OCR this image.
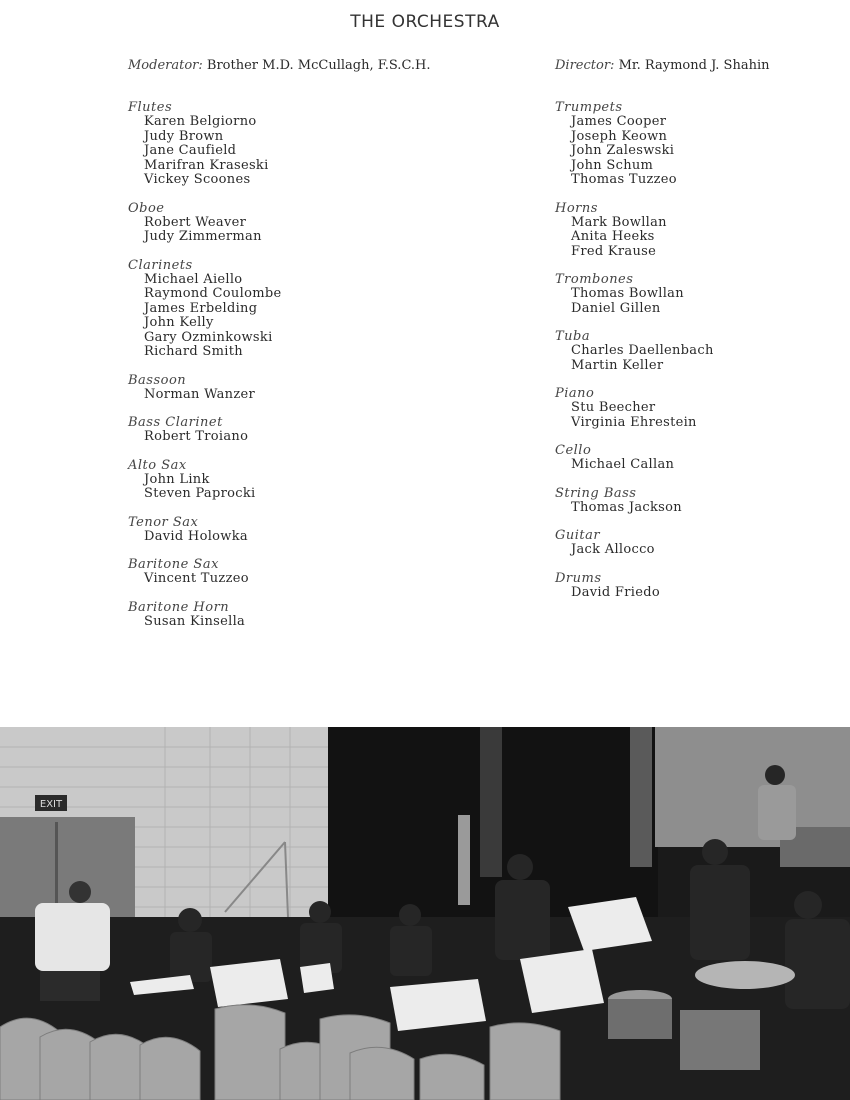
THE ORCHESTRA
Moderator: Brother M.D. McCullagh, F.S.C.H.	Director: Mr. Raymond J. Shahin
Flutes
Karen Belgiorno
Judy Brown
Jane Caufield
Marifran Kraseski
Vickey Scoones
Oboe
Robert Weaver
Judy Zimmerman
Clarinets
Michael Aiello
Raymond Coulombe
James Erbelding
John Kelly
Gary Ozminkowski
Richard Smith
Bassoon
Norman Wanzer
Bass Clarinet
Robert Troiano
Alto Sax
John Link
Steven Paprocki
Tenor Sax
David Holowka
Baritone Sax
Vincent Tuzzeo
Baritone Horn
Susan Kinsella
Trumpets
James Cooper
Joseph Keown
John Zaleswski
John Schum
Thomas Tuzzeo
Horns
Mark Bowllan
Anita Heeks
Fred Krause
Trombones
Thomas Bowllan
Daniel Gillen
Tuba
Charles Daellenbach
Martin Keller
Piano
Stu Beecher
Virginia Ehrestein
Cello
Michael Callan
String Bass
Thomas Jackson
Guitar
Jack Allocco
Drums
David Friedo
EXIT
